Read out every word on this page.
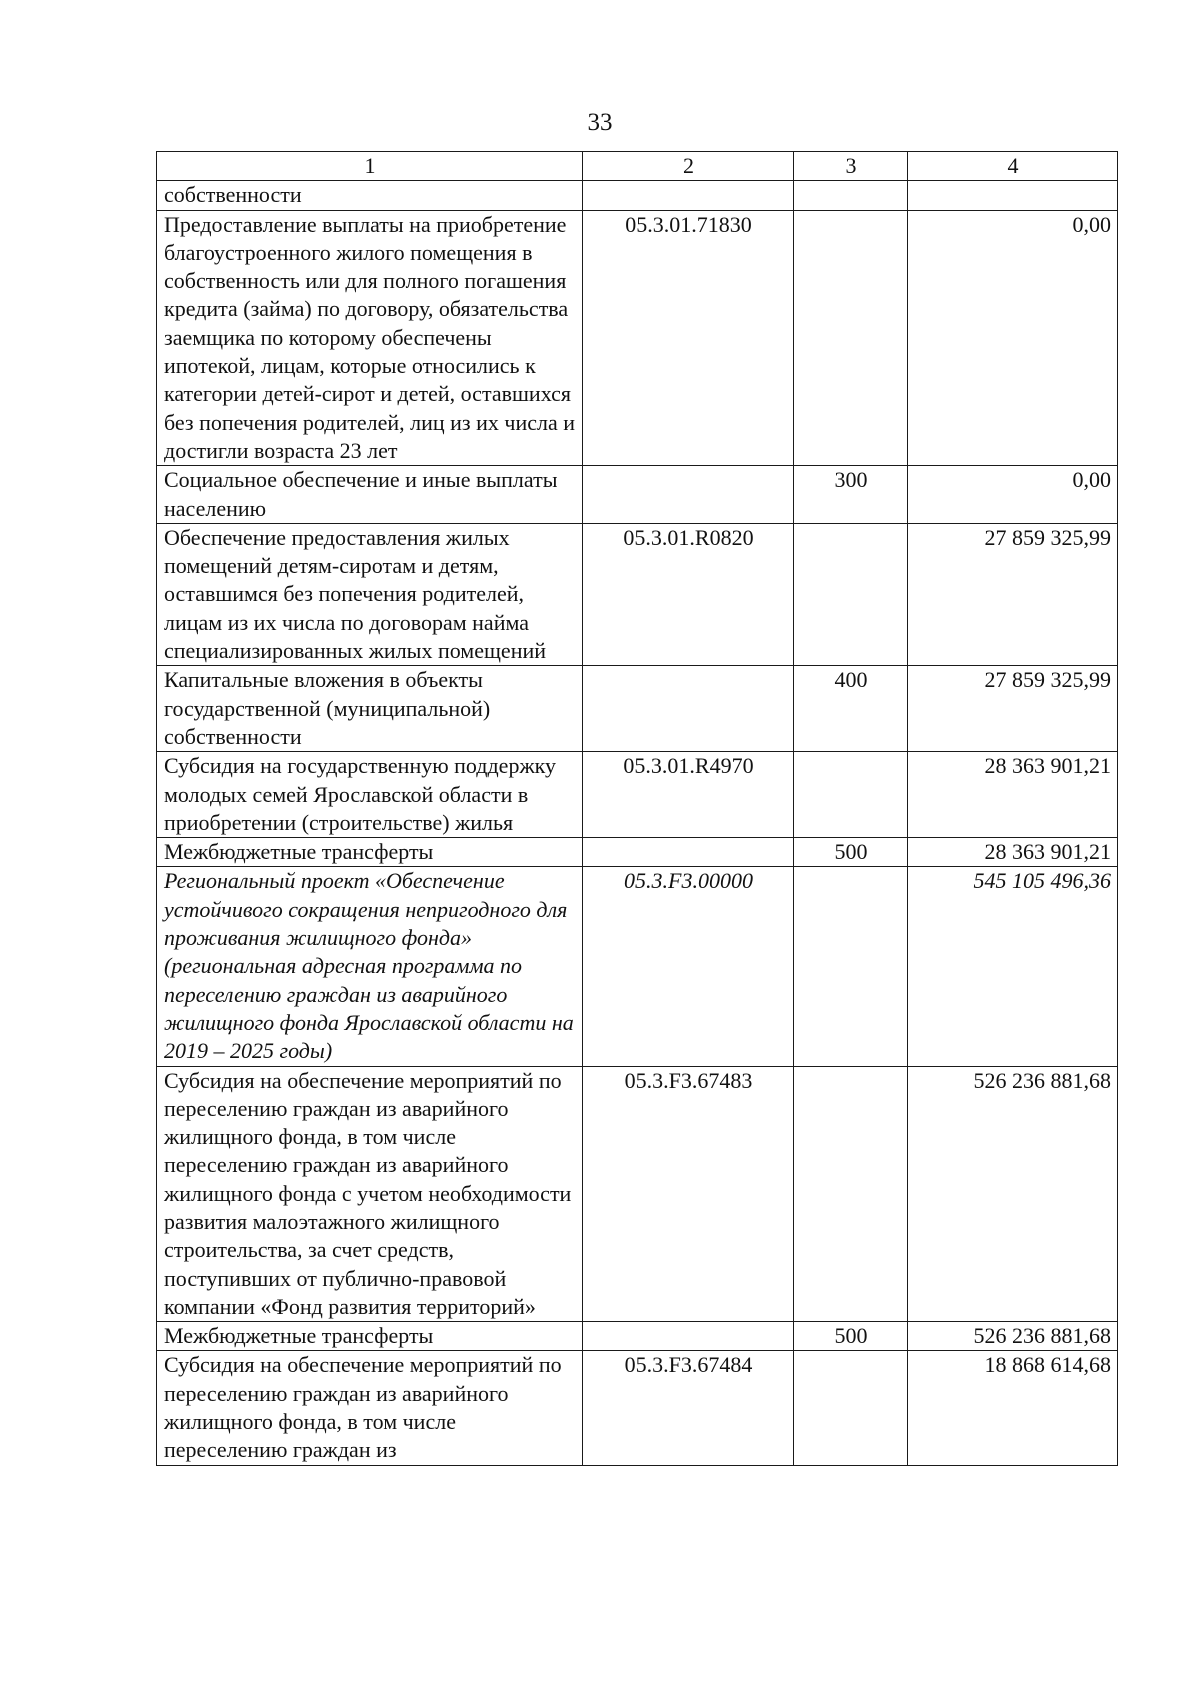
33
1	2	3	4
собственности			
Предоставление выплаты на приобретение благоустроенного жилого помещения в собственность или для полного погашения кредита (займа) по договору, обязательства заемщика по которому обеспечены ипотекой, лицам, которые относились к категории детей-сирот и детей, оставшихся без попечения родителей, лиц из их числа и достигли возраста 23 лет	05.3.01.71830		0,00
Социальное обеспечение и иные выплаты населению		300	0,00
Обеспечение предоставления жилых помещений детям-сиротам и детям, оставшимся без попечения родителей, лицам из их числа по договорам найма специализированных жилых помещений	05.3.01.R0820		27 859 325,99
Капитальные вложения в объекты государственной (муниципальной) собственности		400	27 859 325,99
Субсидия на государственную поддержку молодых семей Ярославской области в приобретении (строительстве) жилья	05.3.01.R4970		28 363 901,21
Межбюджетные трансферты		500	28 363 901,21
Региональный проект «Обеспечение устойчивого сокращения непригодного для проживания жилищного фонда» (региональная адресная программа по переселению граждан из аварийного жилищного фонда Ярославской области на 2019 – 2025 годы)	05.3.F3.00000		545 105 496,36
Субсидия на обеспечение мероприятий по переселению граждан из аварийного жилищного фонда, в том числе переселению граждан из аварийного жилищного фонда с учетом необходимости развития малоэтажного жилищного строительства, за счет средств, поступивших от публично-правовой компании «Фонд развития территорий»	05.3.F3.67483		526 236 881,68
Межбюджетные трансферты		500	526 236 881,68
Субсидия на обеспечение мероприятий по переселению граждан из аварийного жилищного фонда, в том числе переселению граждан из	05.3.F3.67484		18 868 614,68
